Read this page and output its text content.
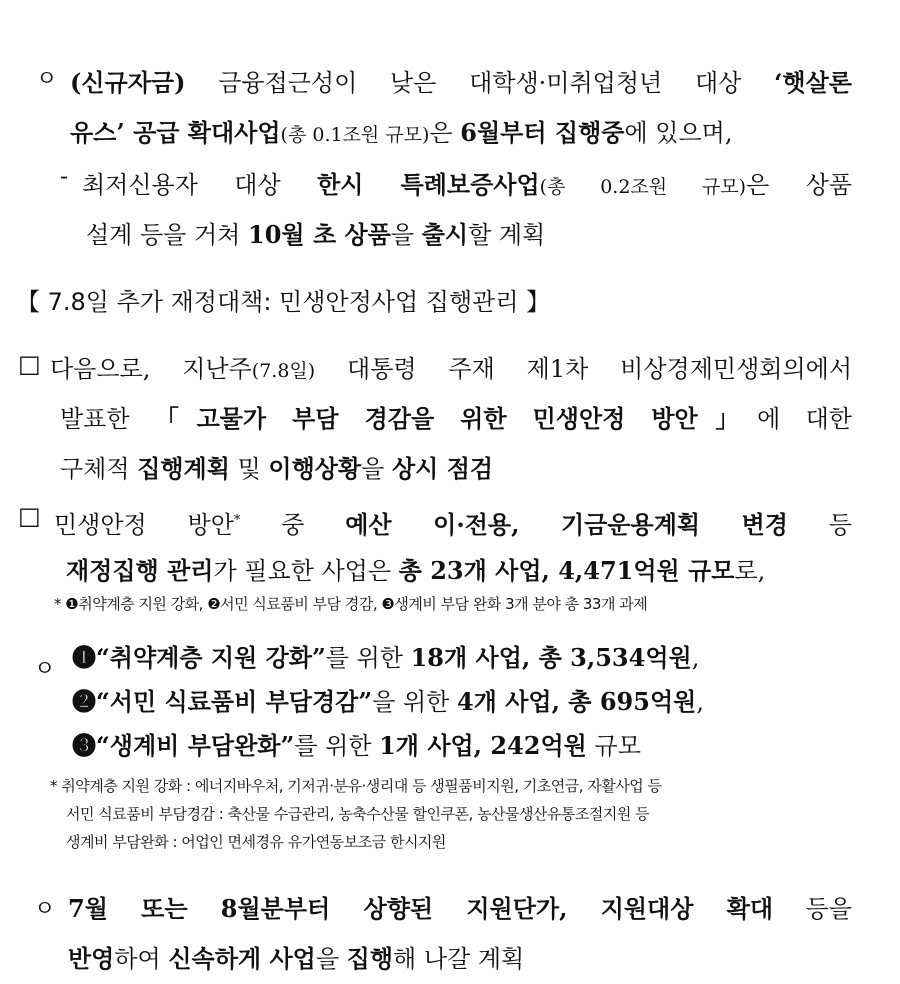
ㅇ (신규자금) 금융접근성이 낮은 대학생·미취업청년 대상 ‘햇살론
유스’ 공급 확대사업(총 0.1조원 규모)은 6월부터 집행중에 있으며,
- 최저신용자 대상 한시 특례보증사업(총 0.2조원 규모)은 상품
설계 등을 거쳐 10월 초 상품을 출시할 계획
【 7.8일 추가 재정대책: 민생안정사업 집행관리 】
□ 다음으로, 지난주(7.8일) 대통령 주재 제1차 비상경제민생회의에서
발표한 「고물가 부담 경감을 위한 민생안정 방안」에 대한
구체적 집행계획 및 이행상황을 상시 점검
□ 민생안정 방안* 중 예산 이·전용, 기금운용계획 변경 등
재정집행 관리가 필요한 사업은 총 23개 사업, 4,471억원 규모로,
* ❶취약계층 지원 강화, ❷서민 식료품비 부담 경감, ❸생계비 부담 완화 3개 분야 총 33개 과제
ㅇ ❶“취약계층 지원 강화”를 위한 18개 사업, 총 3,534억원,
❷“서민 식료품비 부담경감”을 위한 4개 사업, 총 695억원,
❸“생계비 부담완화”를 위한 1개 사업, 242억원 규모
* 취약계층 지원 강화 : 에너지바우처, 기저귀·분유·생리대 등 생필품비지원, 기초연금, 자활사업 등
서민 식료품비 부담경감 : 축산물 수급관리, 농축수산물 할인쿠폰, 농산물생산유통조절지원 등
생계비 부담완화 : 어업인 면세경유 유가연동보조금 한시지원
ㅇ 7월 또는 8월분부터 상향된 지원단가, 지원대상 확대 등을
반영하여 신속하게 사업을 집행해 나갈 계획
